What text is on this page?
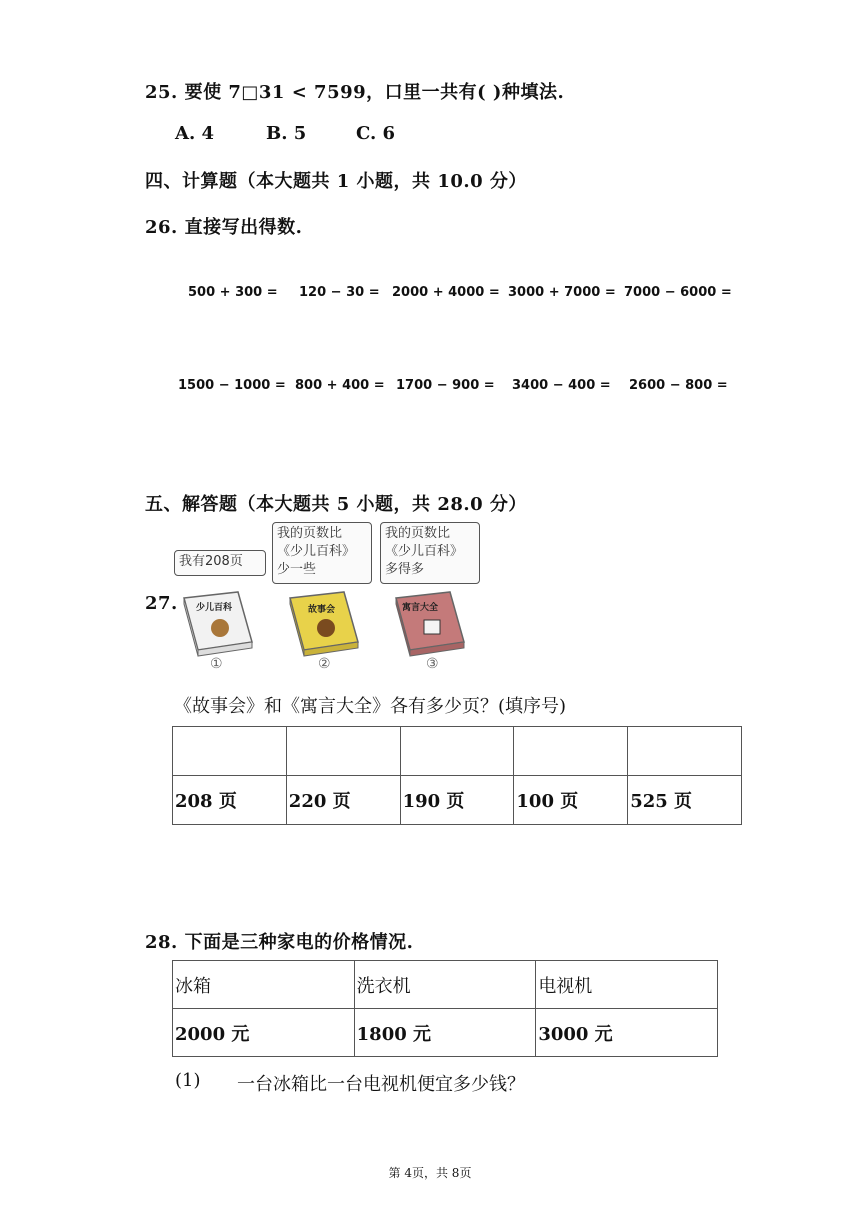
25. 要使 7□31 < 7599，口里一共有( )种填法.
A. 4	B. 5	C. 6
四、计算题（本大题共 1 小题，共 10.0 分）
26. 直接写出得数.
500 + 300 = 120 − 30 = 2000 + 4000 = 3000 + 7000 = 7000 − 6000 =
1500 − 1000 = 800 + 400 = 1700 − 900 = 3400 − 400 = 2600 − 800 =
五、解答题（本大题共 5 小题，共 28.0 分）
27.
我有208页
我的页数比《少儿百科》少一些
我的页数比《少儿百科》多得多
少儿百科	故事会	寓言大全
①	②	③
《故事会》和《寓言大全》各有多少页？(填序号)

208 页	220 页	190 页	100 页	525 页
28. 下面是三种家电的价格情况.
冰箱	洗衣机	电视机
2000 元	1800 元	3000 元
(1) 一台冰箱比一台电视机便宜多少钱？
第 4页，共 8页
